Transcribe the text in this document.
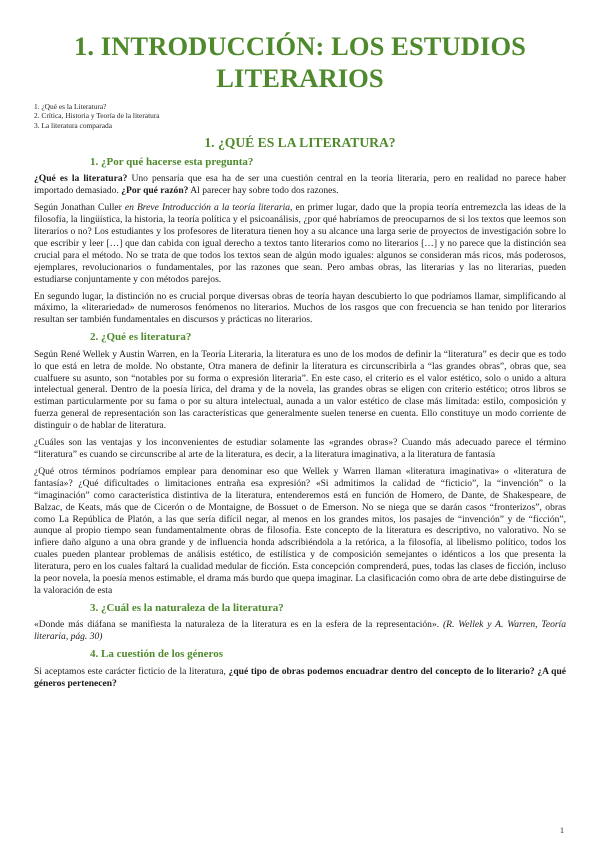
1. INTRODUCCIÓN: LOS ESTUDIOS
LITERARIOS
1. ¿Qué es la Literatura?
2. Crítica, Historia y Teoría de la literatura
3. La literatura comparada
1. ¿QUÉ ES LA LITERATURA?
1. ¿Por qué hacerse esta pregunta?

¿Qué es la literatura? Uno pensaría que esa ha de ser una cuestión central en la teoría literaria, pero en realidad no parece haber importado demasiado. ¿Por qué razón? Al parecer hay sobre todo dos razones.

Según Jonathan Culler en Breve Introducción a la teoría literaria, en primer lugar, dado que la propia teoría entremezcla las ideas de la filosofía, la lingüística, la historia, la teoría política y el psicoanálisis, ¿por qué habríamos de preocuparnos de si los textos que leemos son literarios o no? Los estudiantes y los profesores de literatura tienen hoy a su alcance una larga serie de proyectos de investigación sobre lo que escribir y leer […] que dan cabida con igual derecho a textos tanto literarios como no literarios […] y no parece que la distinción sea crucial para el método. No se trata de que todos los textos sean de algún modo iguales: algunos se consideran más ricos, más poderosos, ejemplares, revolucionarios o fundamentales, por las razones que sean. Pero ambas obras, las literarias y las no literarias, pueden estudiarse conjuntamente y con métodos parejos.

En segundo lugar, la distinción no es crucial porque diversas obras de teoría hayan descubierto lo que podríamos llamar, simplificando al máximo, la «literariedad» de numerosos fenómenos no literarios. Muchos de los rasgos que con frecuencia se han tenido por literarios resultan ser también fundamentales en discursos y prácticas no literarios.

2. ¿Qué es literatura?

Según René Wellek y Austin Warren, en la Teoría Literaria, la literatura es uno de los modos de definir la “literatura” es decir que es todo lo que está en letra de molde. No obstante, Otra manera de definir la literatura es circunscribirla a “las grandes obras”, obras que, sea cualfuere su asunto, son “notables por su forma o expresión literaria”. En este caso, el criterio es el valor estético, solo o unido a altura intelectual general. Dentro de la poesía lírica, del drama y de la novela, las grandes obras se eligen con criterio estético; otros libros se estiman particularmente por su fama o por su altura intelectual, aunada a un valor estético de clase más limitada: estilo, composición y fuerza general de representación son las características que generalmente suelen tenerse en cuenta. Ello constituye un modo corriente de distinguir o de hablar de literatura.

¿Cuáles son las ventajas y los inconvenientes de estudiar solamente las «grandes obras»? Cuando más adecuado parece el término “literatura” es cuando se circunscribe al arte de la literatura, es decir, a la literatura imaginativa, a la literatura de fantasía

¿Qué otros términos podríamos emplear para denominar eso que Wellek y Warren llaman «literatura imaginativa» o «literatura de fantasía»? ¿Qué dificultades o limitaciones entraña esa expresión? «Si admitimos la calidad de “ficticio”, la “invención” o la “imaginación” como característica distintiva de la literatura, entenderemos está en función de Homero, de Dante, de Shakespeare, de Balzac, de Keats, más que de Cicerón o de Montaigne, de Bossuet o de Emerson. No se niega que se darán casos “fronterizos”, obras como La República de Platón, a las que sería difícil negar, al menos en los grandes mitos, los pasajes de “invención” y de “ficción”, aunque al propio tiempo sean fundamentalmente obras de filosofía. Este concepto de la literatura es descriptivo, no valorativo. No se infiere daño alguno a una obra grande y de influencia honda adscribiéndola a la retórica, a la filosofía, al libelismo político, todos los cuales pueden plantear problemas de análisis estético, de estilística y de composición semejantes o idénticos a los que presenta la literatura, pero en los cuales faltará la cualidad medular de ficción. Esta concepción comprenderá, pues, todas las clases de ficción, incluso la peor novela, la poesía menos estimable, el drama más burdo que quepa imaginar. La clasificación como obra de arte debe distinguirse de la valoración de esta

3. ¿Cuál es la naturaleza de la literatura?

«Donde más diáfana se manifiesta la naturaleza de la literatura es en la esfera de la representación». (R. Wellek y A. Warren, Teoría literaria, pág. 30)

4. La cuestión de los géneros

Si aceptamos este carácter ficticio de la literatura, ¿qué tipo de obras podemos encuadrar dentro del concepto de lo literario? ¿A qué géneros pertenecen?

1
